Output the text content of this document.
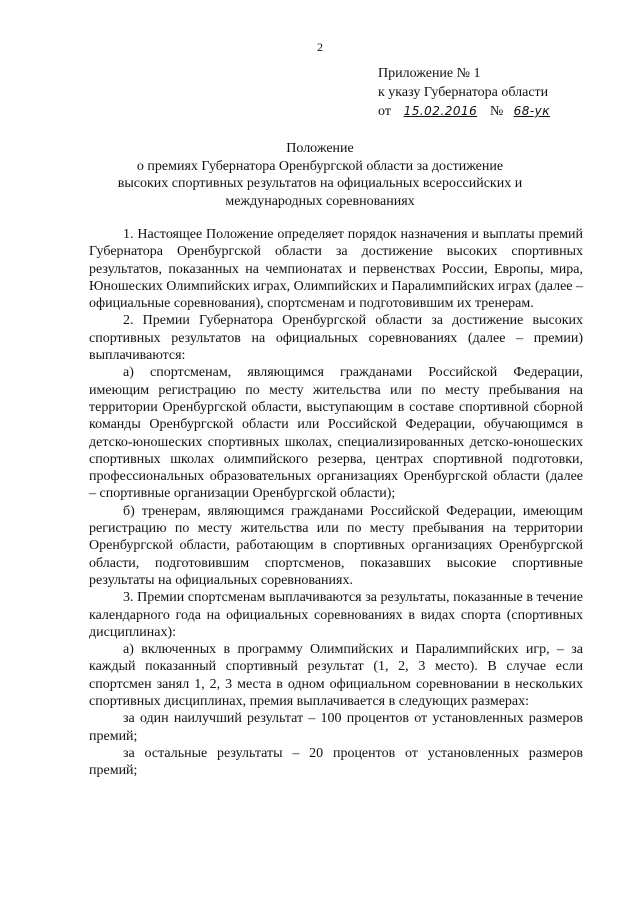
2
Приложение № 1
к указу Губернатора области
от 15.02.2016 № 68-ук
Положение
о премиях Губернатора Оренбургской области за достижение
высоких спортивных результатов на официальных всероссийских и
международных соревнованиях

1. Настоящее Положение определяет порядок назначения и выплаты премий Губернатора Оренбургской области за достижение высоких спортивных результатов, показанных на чемпионатах и первенствах России, Европы, мира, Юношеских Олимпийских играх, Олимпийских и Паралимпийских играх (далее – официальные соревнования), спортсменам и подготовившим их тренерам.

2. Премии Губернатора Оренбургской области за достижение высоких спортивных результатов на официальных соревнованиях (далее – премии) выплачиваются:

а) спортсменам, являющимся гражданами Российской Федерации, имеющим регистрацию по месту жительства или по месту пребывания на территории Оренбургской области, выступающим в составе спортивной сборной команды Оренбургской области или Российской Федерации, обучающимся в детско-юношеских спортивных школах, специализированных детско-юношеских спортивных школах олимпийского резерва, центрах спортивной подготовки, профессиональных образовательных организациях Оренбургской области (далее – спортивные организации Оренбургской области);

б) тренерам, являющимся гражданами Российской Федерации, имеющим регистрацию по месту жительства или по месту пребывания на территории Оренбургской области, работающим в спортивных организациях Оренбургской области, подготовившим спортсменов, показавших высокие спортивные результаты на официальных соревнованиях.

3. Премии спортсменам выплачиваются за результаты, показанные в течение календарного года на официальных соревнованиях в видах спорта (спортивных дисциплинах):

а) включенных в программу Олимпийских и Паралимпийских игр, – за каждый показанный спортивный результат (1, 2, 3 место). В случае если спортсмен занял 1, 2, 3 места в одном официальном соревновании в нескольких спортивных дисциплинах, премия выплачивается в следующих размерах:

за один наилучший результат – 100 процентов от установленных размеров премий;

за остальные результаты – 20 процентов от установленных размеров премий;
